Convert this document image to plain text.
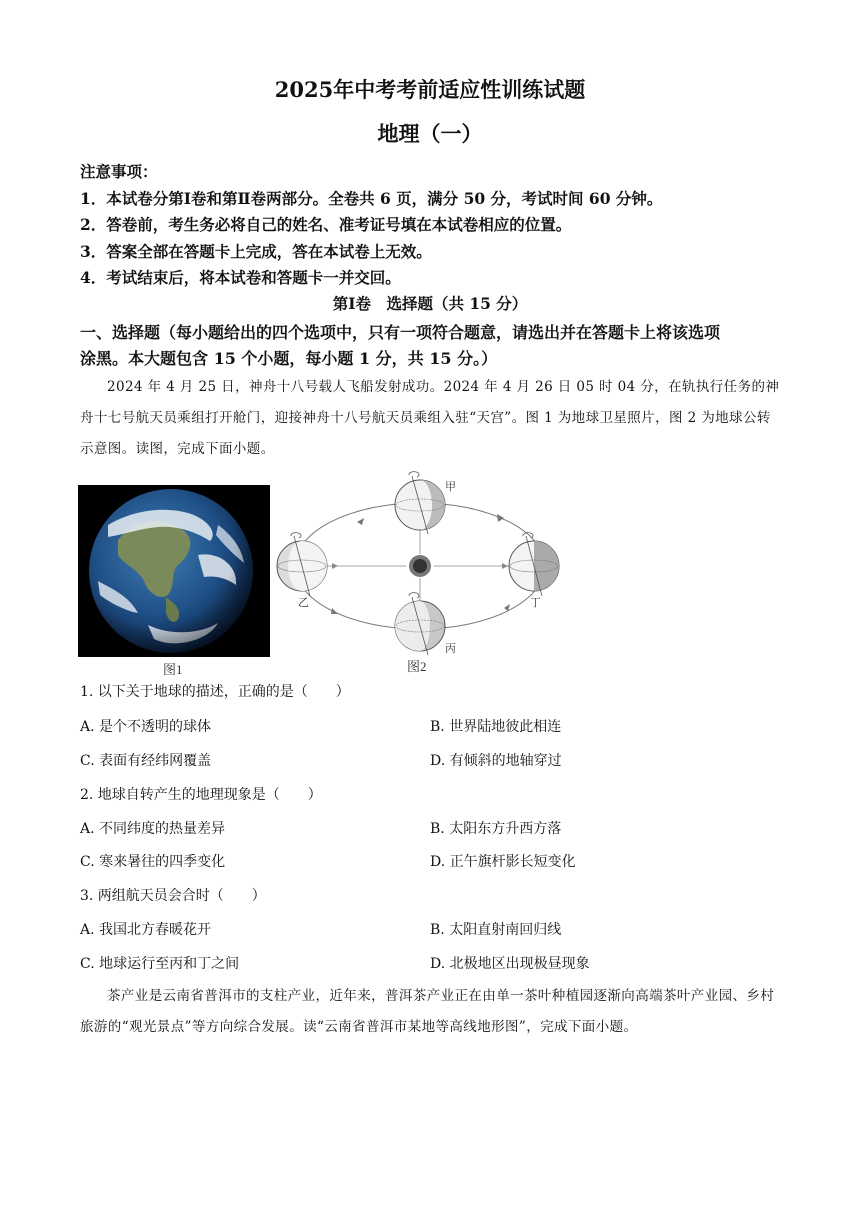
2025年中考考前适应性训练试题
地理（一）
注意事项：
1．本试卷分第Ⅰ卷和第Ⅱ卷两部分。全卷共 6 页，满分 50 分，考试时间 60 分钟。
2．答卷前，考生务必将自己的姓名、准考证号填在本试卷相应的位置。
3．答案全部在答题卡上完成，答在本试卷上无效。
4．考试结束后，将本试卷和答题卡一并交回。
第Ⅰ卷　选择题（共 15 分）
一、选择题（每小题给出的四个选项中，只有一项符合题意，请选出并在答题卡上将该选项
涂黑。本大题包含 15 个小题，每小题 1 分，共 15 分。）
2024 年 4 月 25 日，神舟十八号载人飞船发射成功。2024 年 4 月 26 日 05 时 04 分，在轨执行任务的神舟十七号航天员乘组打开舱门，迎接神舟十八号航天员乘组入驻“天宫”。图 1 为地球卫星照片，图 2 为地球公转示意图。读图，完成下面小题。
图1
甲
乙
丙
丁
图2
1. 以下关于地球的描述，正确的是（　　）
A. 是个不透明的球体	B. 世界陆地彼此相连
C. 表面有经纬网覆盖	D. 有倾斜的地轴穿过
2. 地球自转产生的地理现象是（　　）
A. 不同纬度的热量差异	B. 太阳东方升西方落
C. 寒来暑往的四季变化	D. 正午旗杆影长短变化
3. 两组航天员会合时（　　）
A. 我国北方春暖花开	B. 太阳直射南回归线
C. 地球运行至丙和丁之间	D. 北极地区出现极昼现象
茶产业是云南省普洱市的支柱产业，近年来，普洱茶产业正在由单一茶叶种植园逐渐向高端茶叶产业园、乡村旅游的“观光景点”等方向综合发展。读“云南省普洱市某地等高线地形图”，完成下面小题。
